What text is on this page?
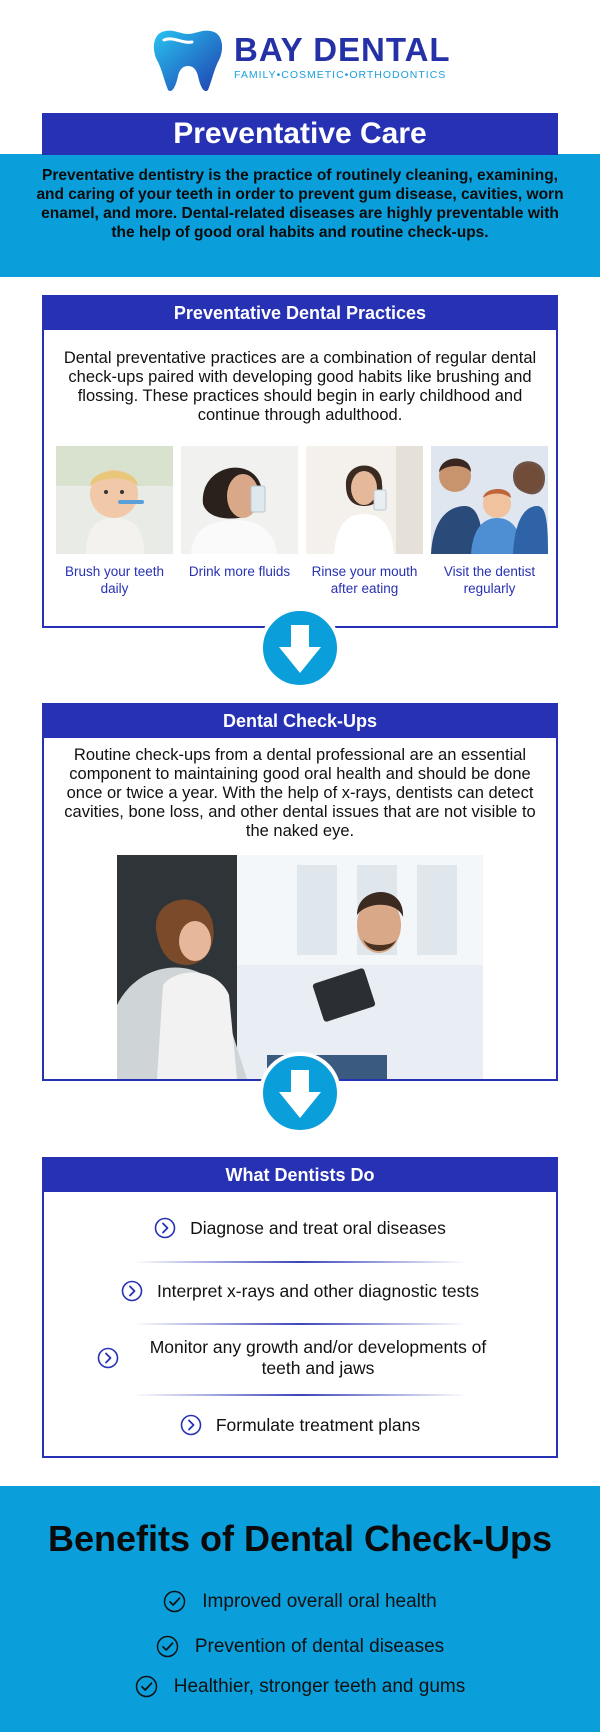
BAY DENTAL
FAMILY•COSMETIC•ORTHODONTICS
Preventative Care
Preventative dentistry is the practice of routinely cleaning, examining, and caring of your teeth in order to prevent gum disease, cavities, worn enamel, and more. Dental-related diseases are highly preventable with the help of good oral habits and routine check-ups.
Preventative Dental Practices
Dental preventative practices are a combination of regular dental check-ups paired with developing good habits like brushing and flossing. These practices should begin in early childhood and continue through adulthood.
Brush your teeth daily
Drink more fluids	Rinse your mouth after eating
Visit the dentist regularly
Dental Check-Ups
Routine check-ups from a dental professional are an essential component to maintaining good oral health and should be done once or twice a year. With the help of x-rays, dentists can detect cavities, bone loss, and other dental issues that are not visible to the naked eye.
What Dentists Do
Diagnose and treat oral diseases
Interpret x-rays and other diagnostic tests
Monitor any growth and/or developments of teeth and jaws
Formulate treatment plans
Benefits of Dental Check-Ups
Improved overall oral health
Prevention of dental diseases
Healthier, stronger teeth and gums
